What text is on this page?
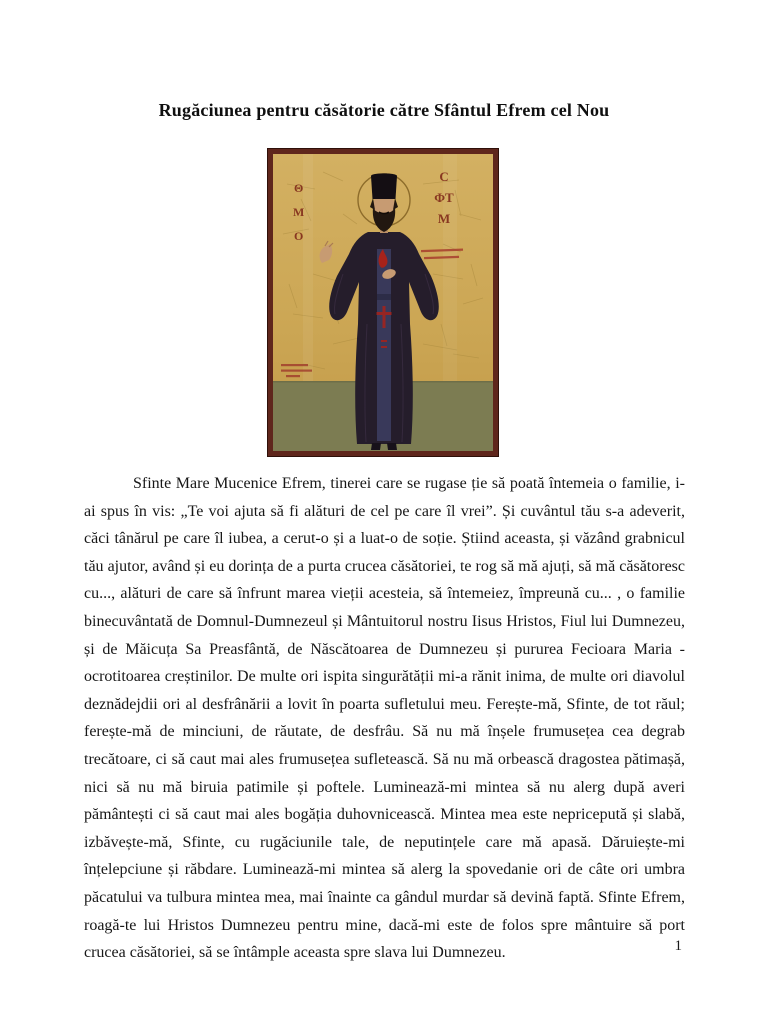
Rugăciunea pentru căsătorie către Sfântul Efrem cel Nou
Θ
Μ
Ο
Ϲ
ΦΤ
Μ

Sfinte Mare Mucenice Efrem, tinerei care se rugase ție să poată întemeia o familie, i-ai spus în vis: „Te voi ajuta să fi alături de cel pe care îl vrei”. Și cuvântul tău s-a adeverit, căci tânărul pe care îl iubea, a cerut-o și a luat-o de soție. Știind aceasta, și văzând grabnicul tău ajutor, având și eu dorința de a purta crucea căsătoriei, te rog să mă ajuți, să mă căsătoresc cu..., alături de care să înfrunt marea vieții acesteia, să întemeiez, împreună cu... , o familie binecuvântată de Domnul-Dumnezeul și Mântuitorul nostru Iisus Hristos, Fiul lui Dumnezeu, și de Măicuța Sa Preasfântă, de Născătoarea de Dumnezeu și pururea Fecioara Maria - ocrotitoarea creștinilor. De multe ori ispita singurătății mi-a rănit inima, de multe ori diavolul deznădejdii ori al desfrânării a lovit în poarta sufletului meu. Ferește-mă, Sfinte, de tot răul; ferește-mă de minciuni, de răutate, de desfrâu. Să nu mă înșele frumusețea cea degrab trecătoare, ci să caut mai ales frumusețea sufletească. Să nu mă orbească dragostea pătimașă, nici să nu mă biruia patimile și poftele. Luminează-mi mintea să nu alerg după averi pământești ci să caut mai ales bogăția duhovnicească. Mintea mea este nepricepută și slabă, izbăvește-mă, Sfinte, cu rugăciunile tale, de neputințele care mă apasă. Dăruiește-mi înțelepciune și răbdare. Luminează-mi mintea să alerg la spovedanie ori de câte ori umbra păcatului va tulbura mintea mea, mai înainte ca gândul murdar să devină faptă. Sfinte Efrem, roagă-te lui Hristos Dumnezeu pentru mine, dacă-mi este de folos spre mântuire să port crucea căsătoriei, să se întâmple aceasta spre slava lui Dumnezeu.	1
